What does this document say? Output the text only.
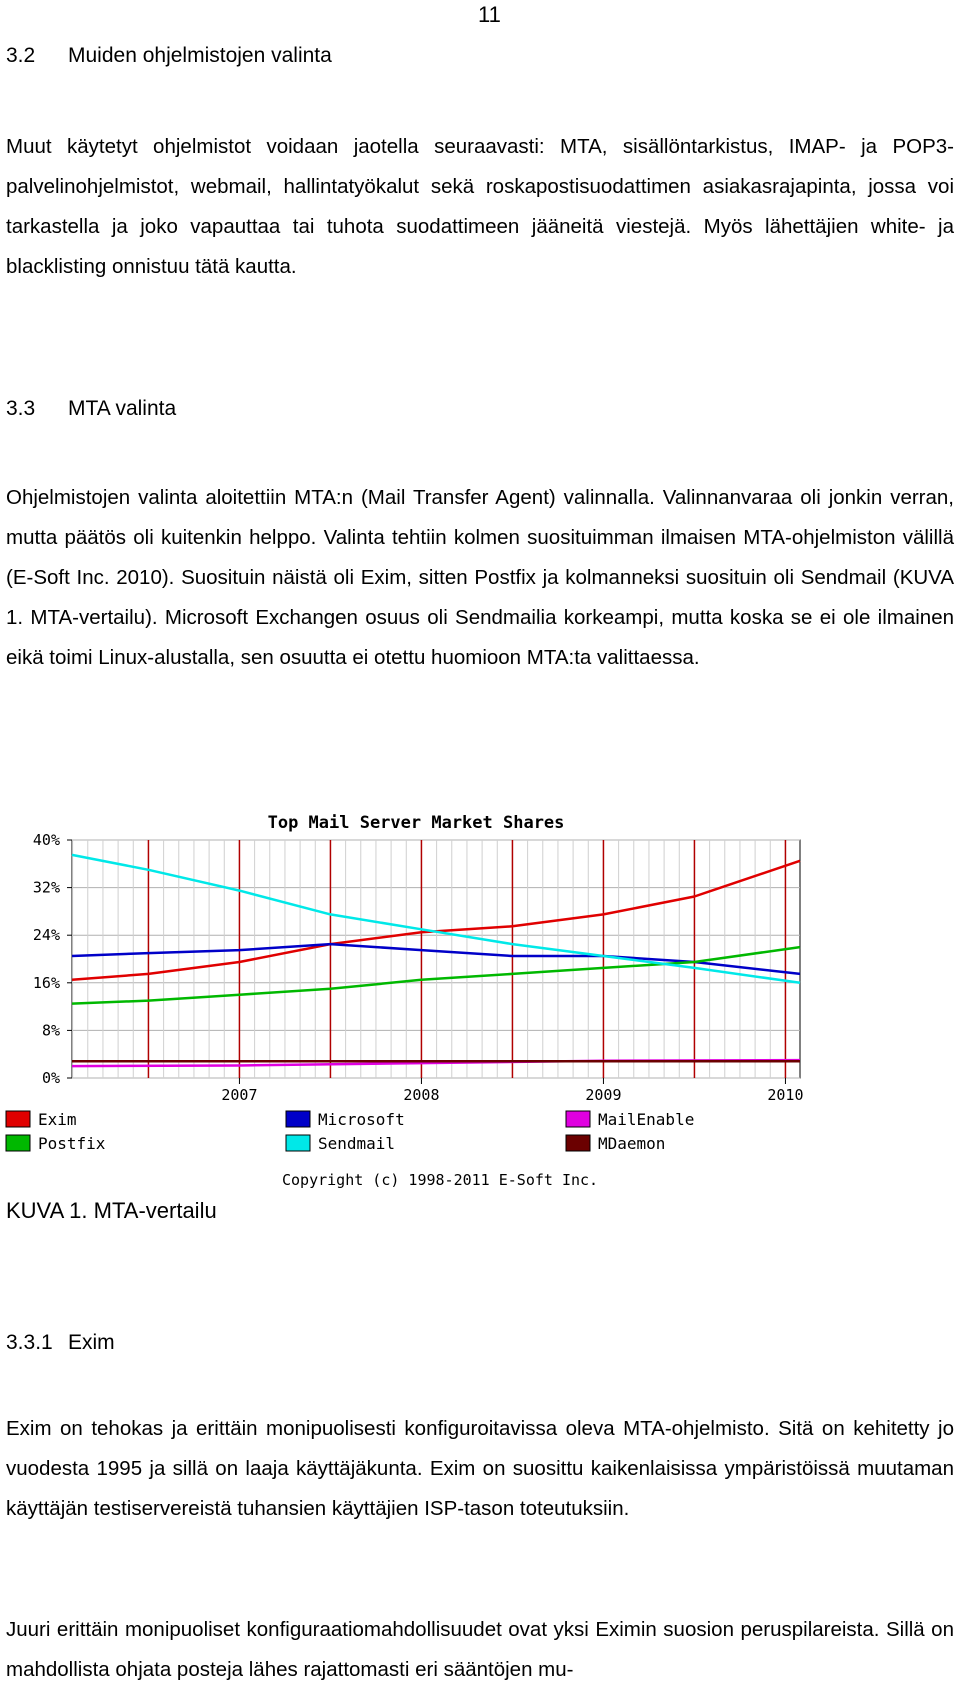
11
3.2 Muiden ohjelmistojen valinta

Muut käytetyt ohjelmistot voidaan jaotella seuraavasti: MTA, sisällöntarkistus, IMAP- ja POP3-palvelinohjelmistot, webmail, hallintatyökalut sekä roskapostisuodattimen asiakasrajapinta, jossa voi tarkastella ja joko vapauttaa tai tuhota suodattimeen jääneitä viestejä. Myös lähettäjien white- ja blacklisting onnistuu tätä kautta.

3.3 MTA valinta

Ohjelmistojen valinta aloitettiin MTA:n (Mail Transfer Agent) valinnalla. Valinnanvaraa oli jonkin verran, mutta päätös oli kuitenkin helppo. Valinta tehtiin kolmen suosituimman ilmaisen MTA-ohjelmiston välillä (E-Soft Inc. 2010). Suosituin näistä oli Exim, sitten Postfix ja kolmanneksi suosituin oli Sendmail (KUVA 1. MTA-vertailu). Microsoft Exchangen osuus oli Sendmailia korkeampi, mutta koska se ei ole ilmainen eikä toimi Linux-alustalla, sen osuutta ei otettu huomioon MTA:ta valittaessa.

Top Mail Server Market Shares
0%
8%
16%
24%
32%
40%
2007	2008	2009	2010
Exim	Microsoft	MailEnable
Postfix	Sendmail	MDaemon
Copyright (c) 1998-2011 E-Soft Inc.
KUVA 1. MTA-vertailu
3.3.1 Exim

Exim on tehokas ja erittäin monipuolisesti konfiguroitavissa oleva MTA-ohjelmisto. Sitä on kehitetty jo vuodesta 1995 ja sillä on laaja käyttäjäkunta. Exim on suosittu kaikenlaisissa ympäristöissä muutaman käyttäjän testiservereistä tuhansien käyttäjien ISP-tason toteutuksiin.

Juuri erittäin monipuoliset konfiguraatiomahdollisuudet ovat yksi Eximin suosion peruspilareista. Sillä on mahdollista ohjata posteja lähes rajattomasti eri sääntöjen mu-
